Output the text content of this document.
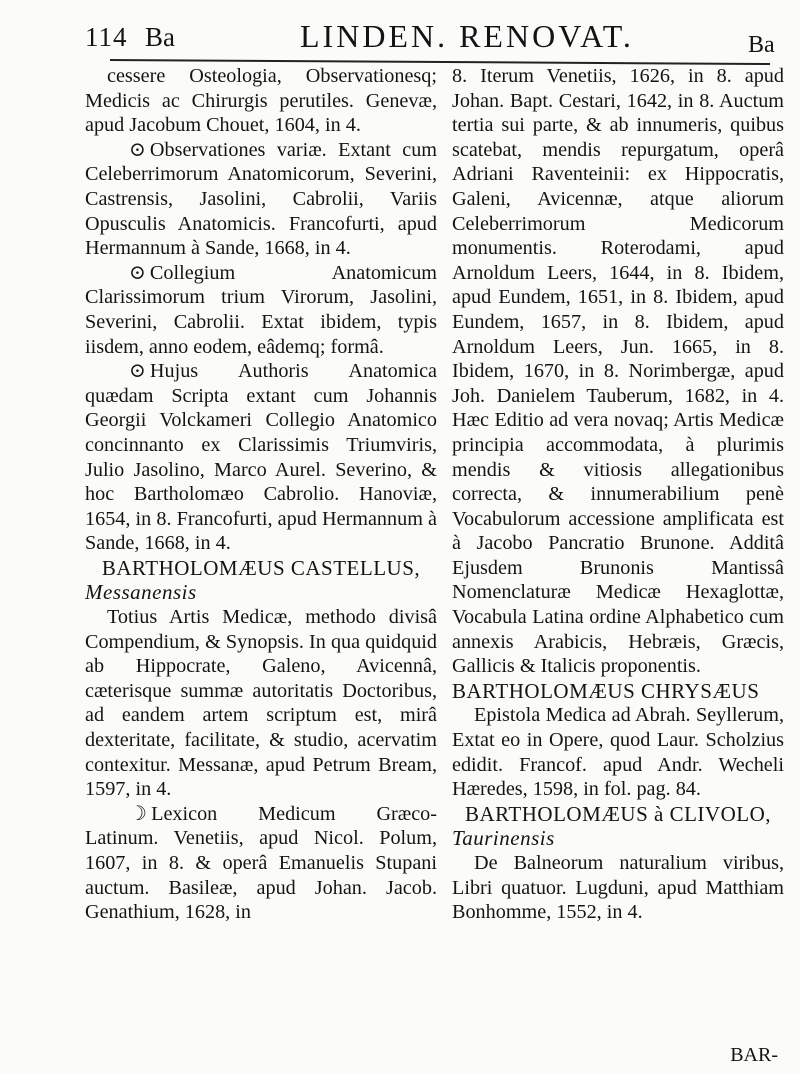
114 Ba	LINDEN. RENOVAT.	Ba

cessere Osteologia, Observationesq; Medicis ac Chirurgis perutiles. Genevæ, apud Jacobum Chouet, 1604, in 4.

⊙ Observationes variæ. Extant cum Celeberrimorum Anatomicorum, Severini, Castrensis, Jasolini, Cabrolii, Variis Opusculis Anatomicis. Francofurti, apud Hermannum à Sande, 1668, in 4.

⊙ Collegium Anatomicum Clarissimorum trium Virorum, Jasolini, Severini, Cabrolii. Extat ibidem, typis iisdem, anno eodem, eâdemq; formâ.

⊙ Hujus Authoris Anatomica quædam Scripta extant cum Johannis Georgii Volckameri Collegio Anatomico concinnanto ex Clarissimis Triumviris, Julio Jasolino, Marco Aurel. Severino, & hoc Bartholomæo Cabrolio. Hanoviæ, 1654, in 8. Francofurti, apud Hermannum à Sande, 1668, in 4.

BARTHOLOMÆUS CASTELLUS, Messanensis

Totius Artis Medicæ, methodo divisâ Compendium, & Synopsis. In qua quidquid ab Hippocrate, Galeno, Avicennâ, cæterisque summæ autoritatis Doctoribus, ad eandem artem scriptum est, mirâ dexteritate, facilitate, & studio, acervatim contexitur. Messanæ, apud Petrum Bream, 1597, in 4.

☽ Lexicon Medicum Græco-Latinum. Venetiis, apud Nicol. Polum, 1607, in 8. & operâ Emanuelis Stupani auctum. Basileæ, apud Johan. Jacob. Genathium, 1628, in

8. Iterum Venetiis, 1626, in 8. apud Johan. Bapt. Cestari, 1642, in 8. Auctum tertia sui parte, & ab innumeris, quibus scatebat, mendis repurgatum, operâ Adriani Raventeinii: ex Hippocratis, Galeni, Avicennæ, atque aliorum Celeberrimorum Medicorum monumentis. Roterodami, apud Arnoldum Leers, 1644, in 8. Ibidem, apud Eundem, 1651, in 8. Ibidem, apud Eundem, 1657, in 8. Ibidem, apud Arnoldum Leers, Jun. 1665, in 8. Ibidem, 1670, in 8. Norimbergæ, apud Joh. Danielem Tauberum, 1682, in 4. Hæc Editio ad vera novaq; Artis Medicæ principia accommodata, à plurimis mendis & vitiosis allegationibus correcta, & innumerabilium penè Vocabulorum accessione amplificata est à Jacobo Pancratio Brunone. Additâ Ejusdem Brunonis Mantissâ Nomenclaturæ Medicæ Hexaglottæ, Vocabula Latina ordine Alphabetico cum annexis Arabicis, Hebræis, Græcis, Gallicis & Italicis proponentis.

BARTHOLOMÆUS CHRYSÆUS

Epistola Medica ad Abrah. Seyllerum, Extat eo in Opere, quod Laur. Scholzius edidit. Francof. apud Andr. Wecheli Hæredes, 1598, in fol. pag. 84.

BARTHOLOMÆUS à CLIVOLO, Taurinensis

De Balneorum naturalium viribus, Libri quatuor. Lugduni, apud Matthiam Bonhomme, 1552, in 4.

BAR-
